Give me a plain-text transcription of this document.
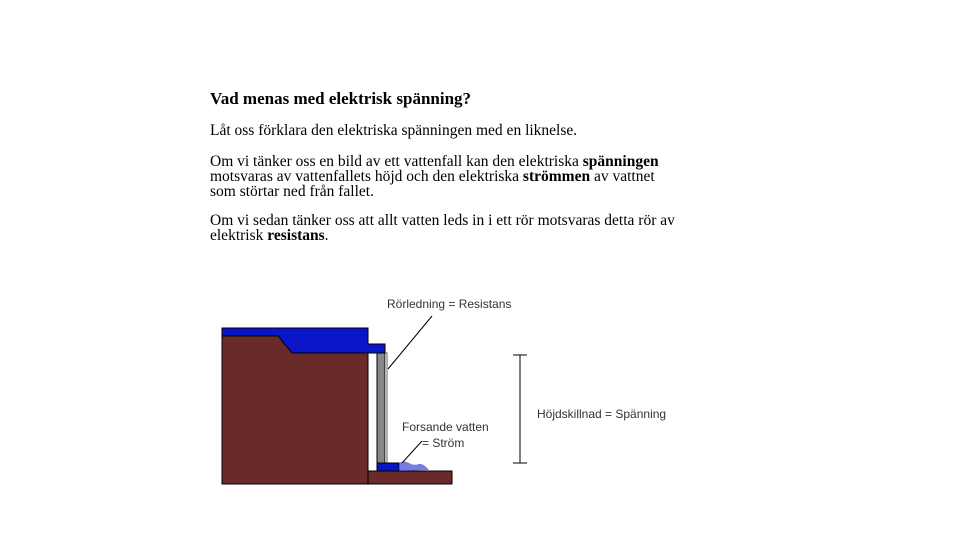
Vad menas med elektrisk spänning?

Låt oss förklara den elektriska spänningen med en liknelse.

Om vi tänker oss en bild av ett vattenfall kan den elektriska spänningen motsvaras av vattenfallets höjd och den elektriska strömmen av vattnet som störtar ned från fallet.

Om vi sedan tänker oss att allt vatten leds in i ett rör motsvaras detta rör av elektrisk resistans.

Rörledning = Resistans
Höjdskillnad = Spänning
Forsande vatten
= Ström
